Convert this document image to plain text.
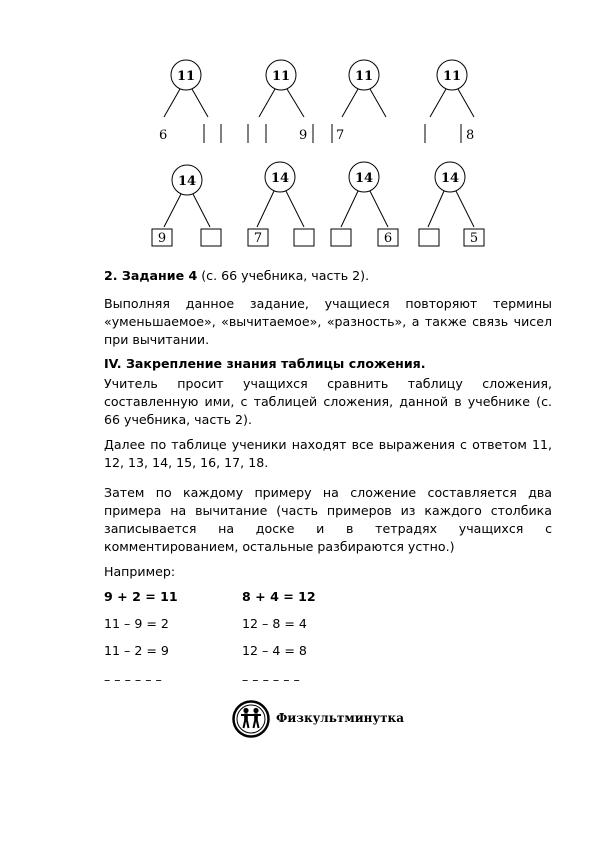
11
6
11
9
11
7
11
8
14
9
14
7
14
6
14
5
2. Задание 4 (с. 66 учебника, часть 2).
Выполняя данное задание, учащиеся повторяют термины «уменьшаемое», «вычитаемое», «разность», а также связь чисел при вычитании.
IV. Закрепление знания таблицы сложения.
Учитель просит учащихся сравнить таблицу сложения, составленную ими, с таблицей сложения, данной в учебнике (с. 66 учебника, часть 2).
Далее по таблице ученики находят все выражения с ответом 11, 12, 13, 14, 15, 16, 17, 18.
Затем по каждому примеру на сложение составляется два примера на вычитание (часть примеров из каждого столбика записывается на доске и в тетрадях учащихся с комментированием, остальные разбираются устно.)
Например:
9 + 2 = 11
11 – 9 = 2
11 – 2 = 9
– – – – – –
8 + 4 = 12
12 – 8 = 4
12 – 4 = 8
– – – – – –
Физкультминутка
